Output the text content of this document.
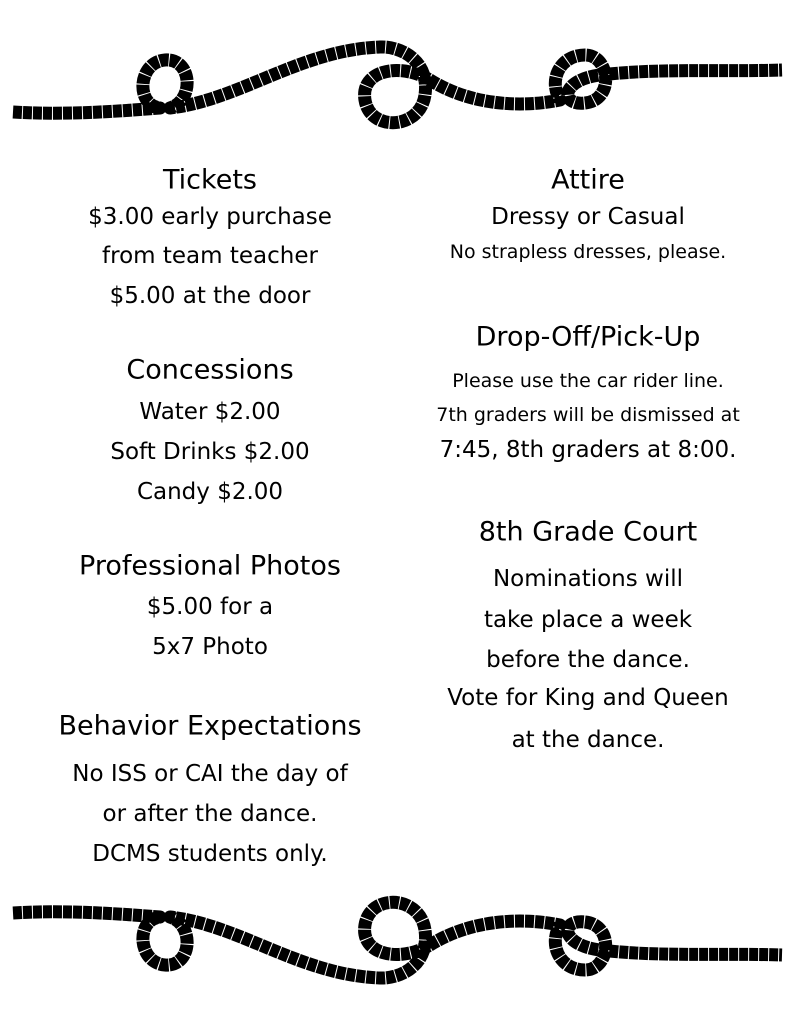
Tickets
$3.00 early purchase
from team teacher
$5.00 at the door
Concessions
Water $2.00
Soft Drinks $2.00
Candy $2.00
Professional Photos
$5.00 for a
5x7 Photo
Behavior Expectations
No ISS or CAI the day of
or after the dance.
DCMS students only.
Attire
Dressy or Casual
No strapless dresses, please.
Drop-Off/Pick-Up
Please use the car rider line.
7th graders will be dismissed at
7:45, 8th graders at 8:00.
8th Grade Court
Nominations will
take place a week
before the dance.
Vote for King and Queen
at the dance.
